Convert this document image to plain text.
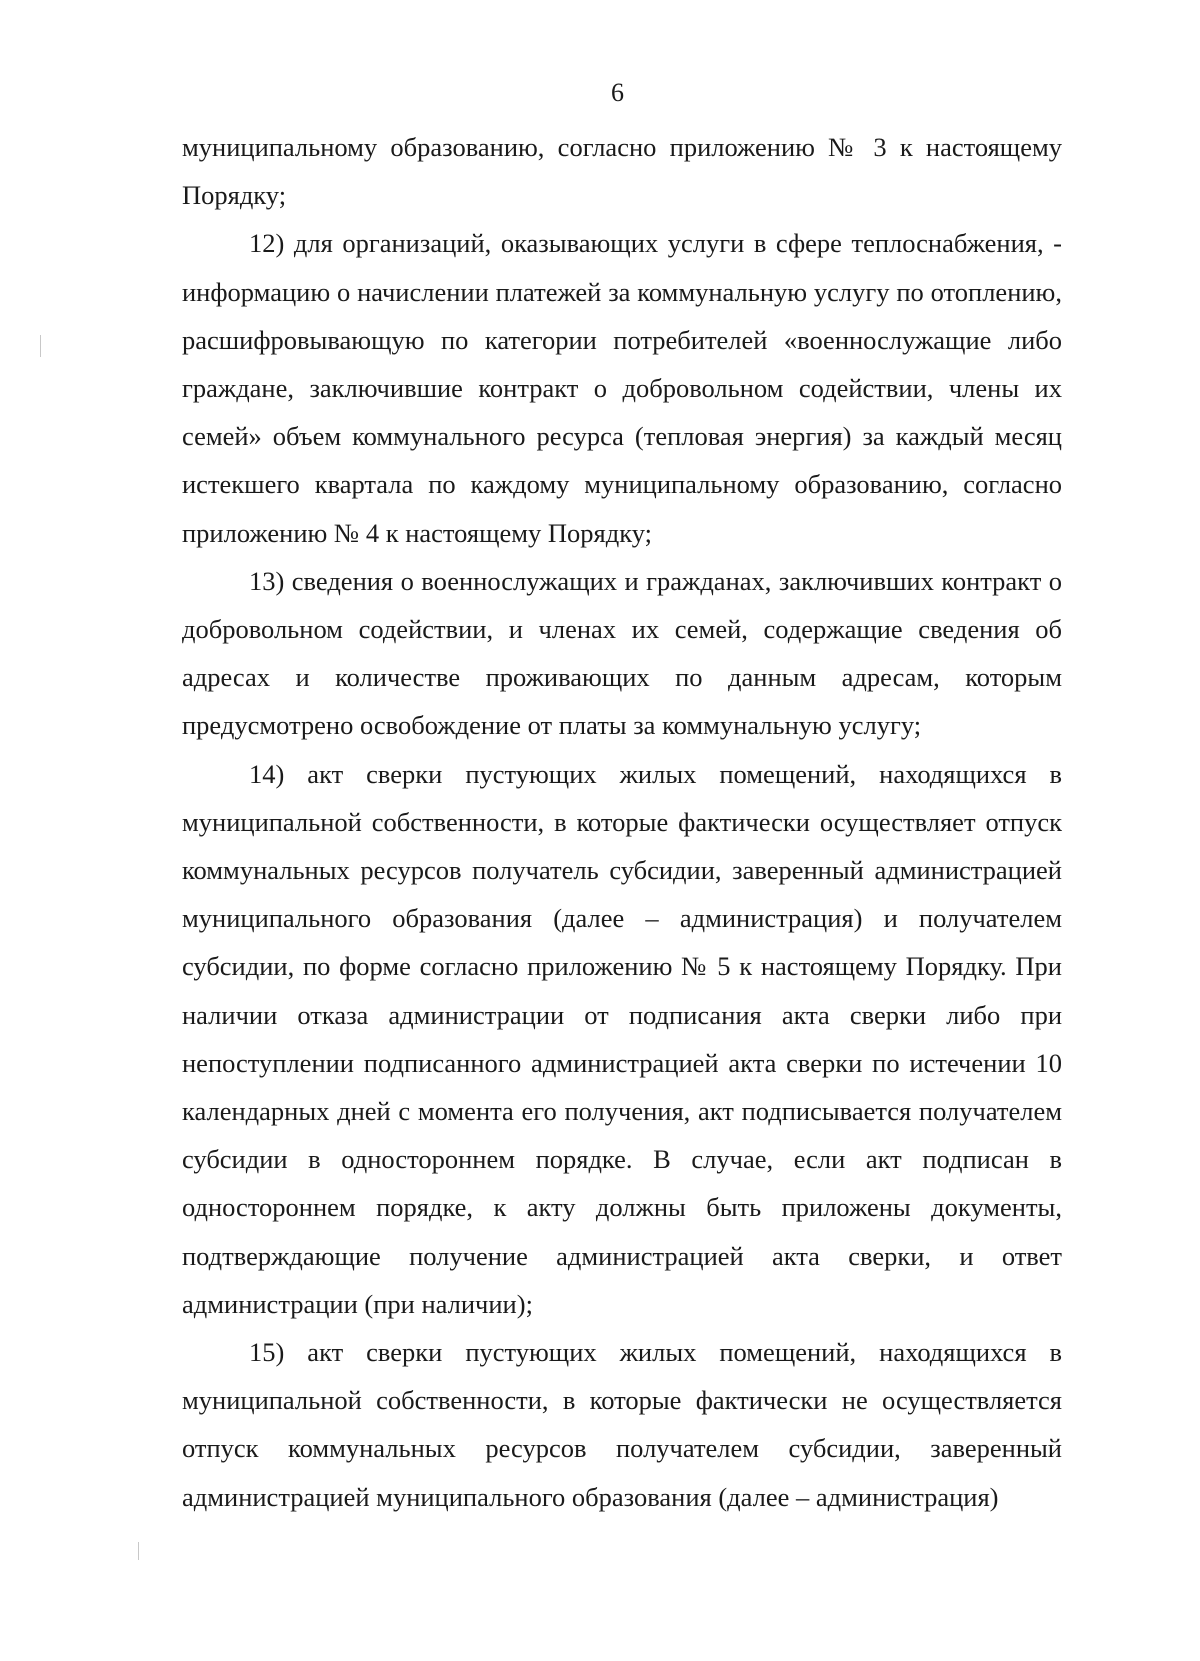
6

муниципальному образованию, согласно приложению № 3 к настоящему Порядку;

12) для организаций, оказывающих услуги в сфере теплоснабжения, - информацию о начислении платежей за коммунальную услугу по отоплению, расшифровывающую по категории потребителей «военнослужащие либо граждане, заключившие контракт о добровольном содействии, члены их семей» объем коммунального ресурса (тепловая энергия) за каждый месяц истекшего квартала по каждому муниципальному образованию, согласно приложению № 4 к настоящему Порядку;

13) сведения о военнослужащих и гражданах, заключивших контракт о добровольном содействии, и членах их семей, содержащие сведения об адресах и количестве проживающих по данным адресам, которым предусмотрено освобождение от платы за коммунальную услугу;

14) акт сверки пустующих жилых помещений, находящихся в муниципальной собственности, в которые фактически осуществляет отпуск коммунальных ресурсов получатель субсидии, заверенный администрацией муниципального образования (далее – администрация) и получателем субсидии, по форме согласно приложению № 5 к настоящему Порядку. При наличии отказа администрации от подписания акта сверки либо при непоступлении подписанного администрацией акта сверки по истечении 10 календарных дней с момента его получения, акт подписывается получателем субсидии в одностороннем порядке. В случае, если акт подписан в одностороннем порядке, к акту должны быть приложены документы, подтверждающие получение администрацией акта сверки, и ответ администрации (при наличии);

15) акт сверки пустующих жилых помещений, находящихся в муниципальной собственности, в которые фактически не осуществляется отпуск коммунальных ресурсов получателем субсидии, заверенный администрацией муниципального образования (далее – администрация)
